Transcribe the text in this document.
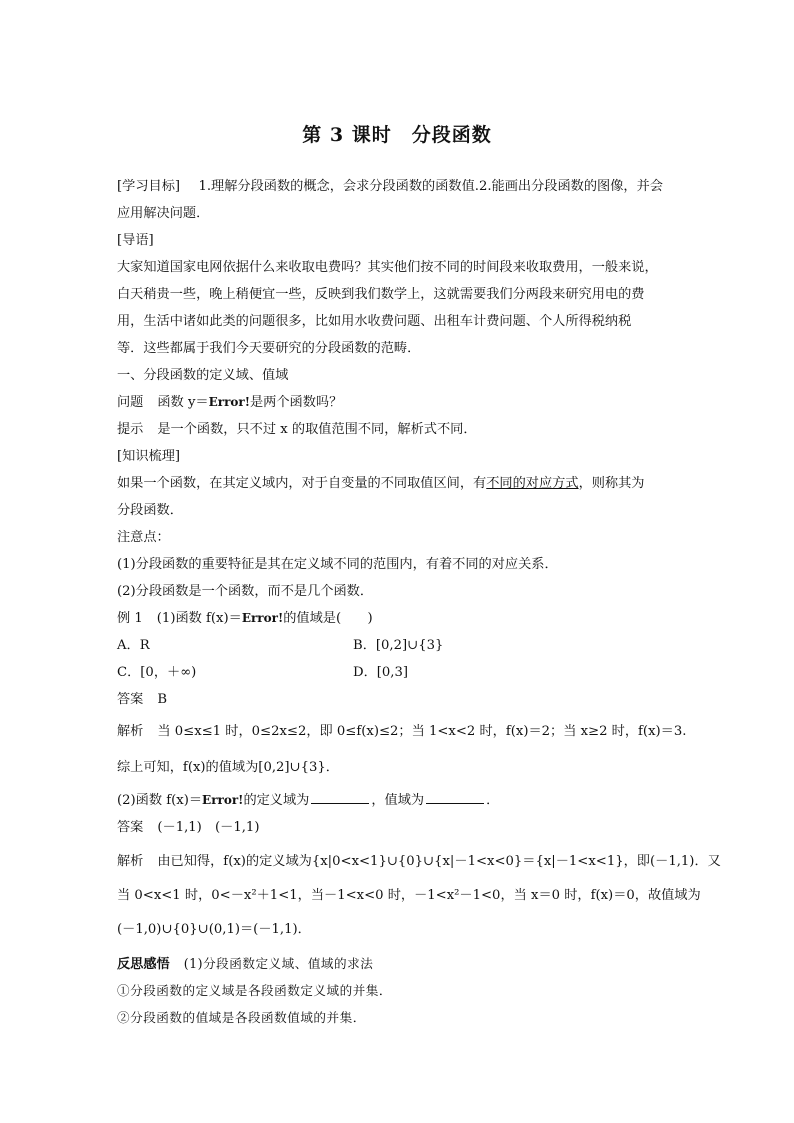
第 3 课时　分段函数
[学习目标] 1.理解分段函数的概念，会求分段函数的函数值.2.能画出分段函数的图像，并会
应用解决问题．
[导语]
大家知道国家电网依据什么来收取电费吗？其实他们按不同的时间段来收取费用，一般来说，
白天稍贵一些，晚上稍便宜一些，反映到我们数学上，这就需要我们分两段来研究用电的费
用，生活中诸如此类的问题很多，比如用水收费问题、出租车计费问题、个人所得税纳税
等．这些都属于我们今天要研究的分段函数的范畴．
一、分段函数的定义域、值域
问题 函数 y＝Error!是两个函数吗？
提示 是一个函数，只不过 x 的取值范围不同，解析式不同．
[知识梳理]
如果一个函数，在其定义域内，对于自变量的不同取值区间，有不同的对应方式，则称其为
分段函数．
注意点：
(1)分段函数的重要特征是其在定义域不同的范围内，有着不同的对应关系．
(2)分段函数是一个函数，而不是几个函数．
例 1 (1)函数 f(x)＝Error!的值域是(　　)
A．R	B．[0,2]∪{3}
C．[0，＋∞)	D．[0,3]
答案 B
解析 当 0≤x≤1 时，0≤2x≤2，即 0≤f(x)≤2；当 1<x<2 时，f(x)＝2；当 x≥2 时，f(x)＝3.
综上可知，f(x)的值域为[0,2]∪{3}．
(2)函数 f(x)＝Error!的定义域为	，值域为	．
答案 (－1,1)　(－1,1)
解析 由已知得，f(x)的定义域为{x|0<x<1}∪{0}∪{x|－1<x<0}＝{x|－1<x<1}，即(－1,1)．又
当 0<x<1 时，0<－x²＋1<1，当－1<x<0 时，－1<x²－1<0，当 x＝0 时，f(x)＝0，故值域为
(－1,0)∪{0}∪(0,1)＝(－1,1)．
反思感悟 (1)分段函数定义域、值域的求法
①分段函数的定义域是各段函数定义域的并集．
②分段函数的值域是各段函数值域的并集．
